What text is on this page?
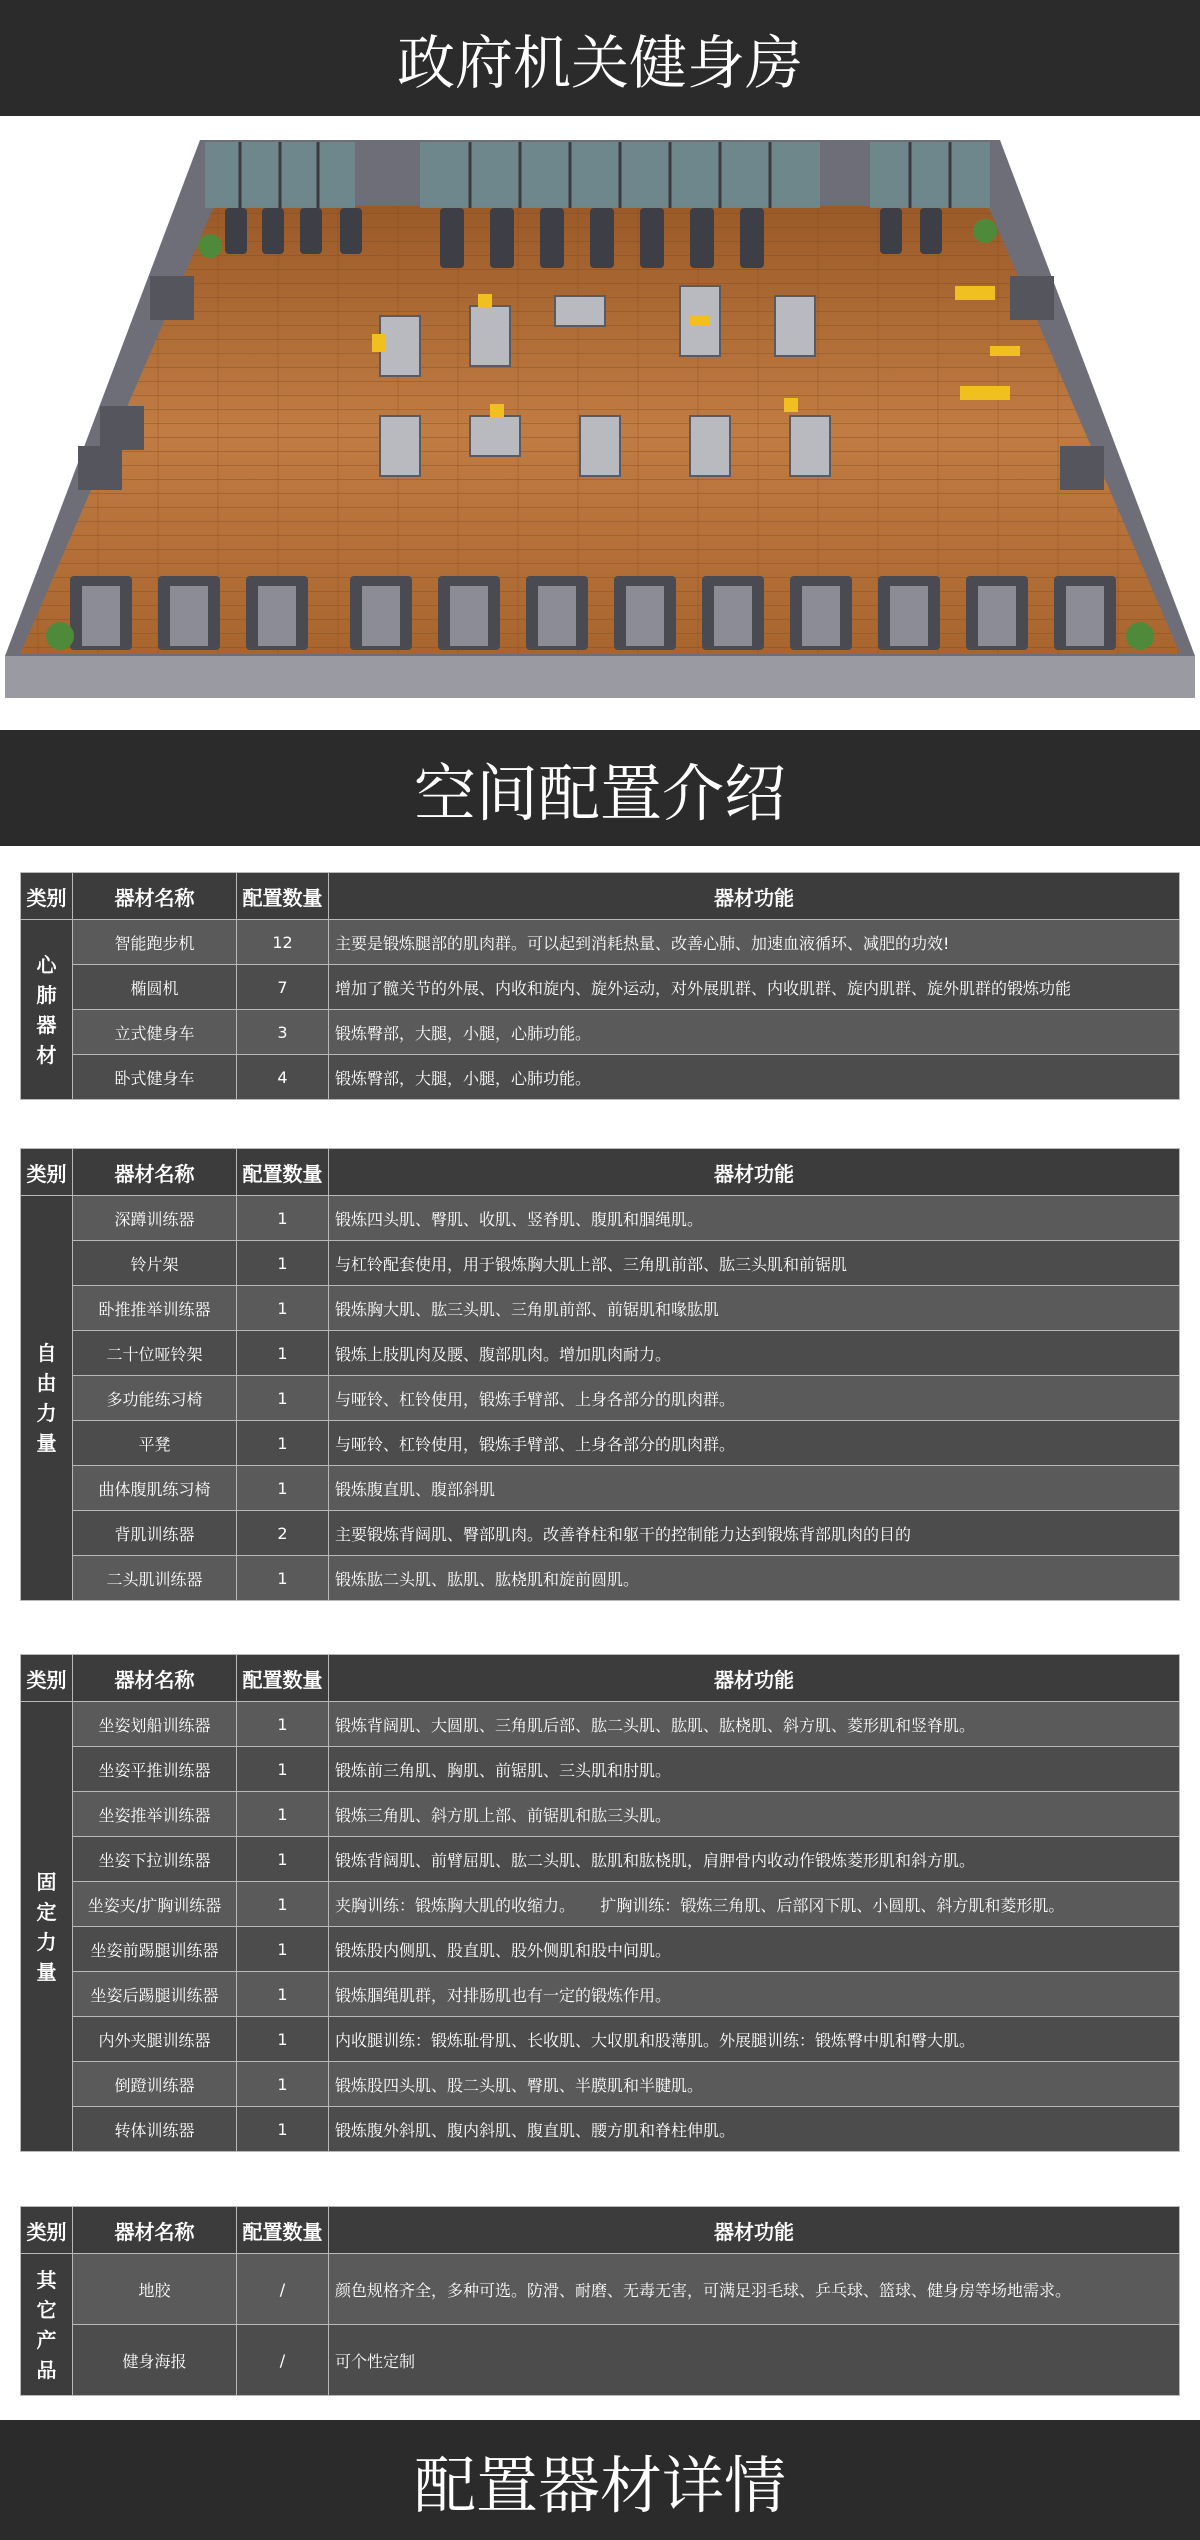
政府机关健身房
空间配置介绍
类别	器材名称	配置数量	器材功能

心肺器材	智能跑步机	12	主要是锻炼腿部的肌肉群。可以起到消耗热量、改善心肺、加速血液循环、减肥的功效!
	椭圆机	7	增加了髋关节的外展、内收和旋内、旋外运动，对外展肌群、内收肌群、旋内肌群、旋外肌群的锻炼功能
	立式健身车	3	锻炼臀部，大腿，小腿，心肺功能。
	卧式健身车	4	锻炼臀部，大腿，小腿，心肺功能。
类别	器材名称	配置数量	器材功能

自由力量	深蹲训练器	1	锻炼四头肌、臀肌、收肌、竖脊肌、腹肌和腘绳肌。
	铃片架	1	与杠铃配套使用，用于锻炼胸大肌上部、三角肌前部、肱三头肌和前锯肌
	卧推推举训练器	1	锻炼胸大肌、肱三头肌、三角肌前部、前锯肌和喙肱肌
	二十位哑铃架	1	锻炼上肢肌肉及腰、腹部肌肉。增加肌肉耐力。
	多功能练习椅	1	与哑铃、杠铃使用，锻炼手臂部、上身各部分的肌肉群。
	平凳	1	与哑铃、杠铃使用，锻炼手臂部、上身各部分的肌肉群。
	曲体腹肌练习椅	1	锻炼腹直肌、腹部斜肌
	背肌训练器	2	主要锻炼背阔肌、臀部肌肉。改善脊柱和躯干的控制能力达到锻炼背部肌肉的目的
	二头肌训练器	1	锻炼肱二头肌、肱肌、肱桡肌和旋前圆肌。
类别	器材名称	配置数量	器材功能

固定力量	坐姿划船训练器	1	锻炼背阔肌、大圆肌、三角肌后部、肱二头肌、肱肌、肱桡肌、斜方肌、菱形肌和竖脊肌。
	坐姿平推训练器	1	锻炼前三角肌、胸肌、前锯肌、三头肌和肘肌。
	坐姿推举训练器	1	锻炼三角肌、斜方肌上部、前锯肌和肱三头肌。
	坐姿下拉训练器	1	锻炼背阔肌、前臂屈肌、肱二头肌、肱肌和肱桡肌，肩胛骨内收动作锻炼菱形肌和斜方肌。
	坐姿夹/扩胸训练器	1	夹胸训练：锻炼胸大肌的收缩力。     扩胸训练：锻炼三角肌、后部冈下肌、小圆肌、斜方肌和菱形肌。
	坐姿前踢腿训练器	1	锻炼股内侧肌、股直肌、股外侧肌和股中间肌。
	坐姿后踢腿训练器	1	锻炼腘绳肌群，对排肠肌也有一定的锻炼作用。
	内外夹腿训练器	1	内收腿训练：锻炼耻骨肌、长收肌、大収肌和股薄肌。外展腿训练：锻炼臀中肌和臀大肌。
	倒蹬训练器	1	锻炼股四头肌、股二头肌、臀肌、半膜肌和半腱肌。
	转体训练器	1	锻炼腹外斜肌、腹内斜肌、腹直肌、腰方肌和脊柱伸肌。
类别	器材名称	配置数量	器材功能

其它产品	地胶	/	颜色规格齐全，多种可选。防滑、耐磨、无毒无害，可满足羽毛球、乒乓球、篮球、健身房等场地需求。
	健身海报	/	可个性定制
配置器材详情
